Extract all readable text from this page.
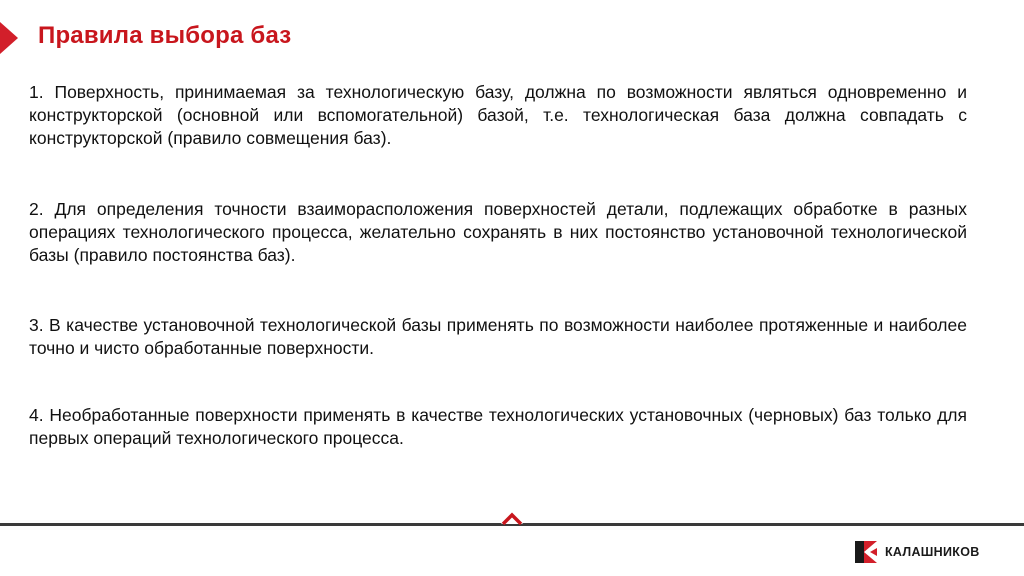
Правила выбора баз

1. Поверхность, принимаемая за технологическую базу, должна по возможности являться одновременно и конструкторской (основной или вспомогательной) базой, т.е. технологическая база должна совпадать с конструкторской (правило совмещения баз).

2. Для определения точности взаиморасположения поверхностей детали, подлежащих обработке в разных операциях технологического процесса, желательно сохранять в них постоянство установочной технологической базы (правило постоянства баз).

3. В качестве установочной технологической базы применять по возможности наиболее протяженные и наиболее точно и чисто обработанные поверхности.

4. Необработанные поверхности применять в качестве технологических установочных (черновых) баз только для первых операций технологического процесса.

КАЛАШНИКОВ
